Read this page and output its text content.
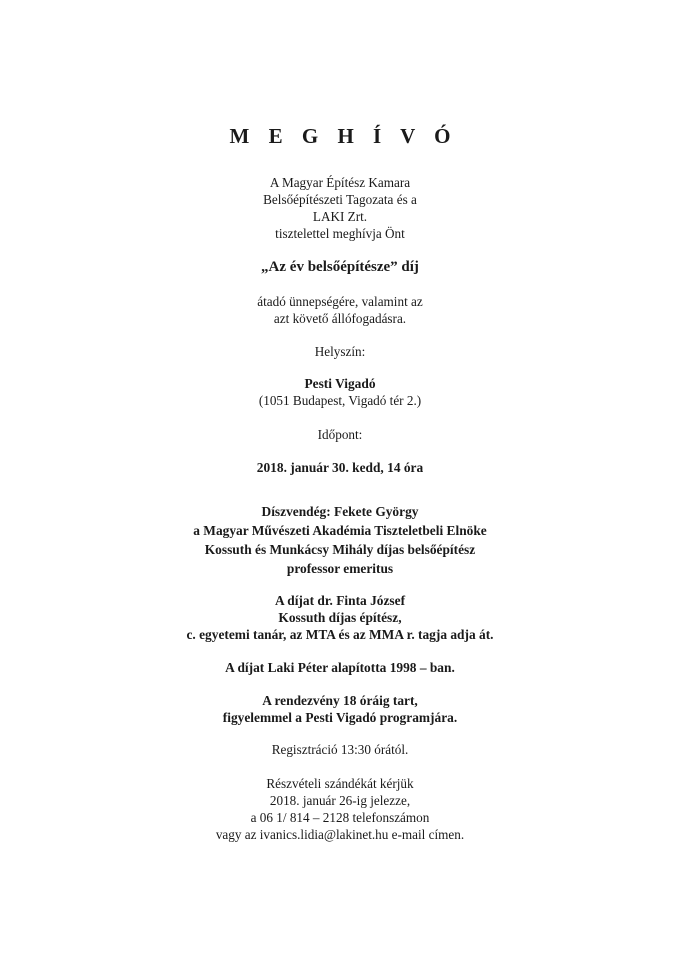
M E G H Í V Ó
A Magyar Építész Kamara
Belsőépítészeti Tagozata és a
LAKI Zrt.
tisztelettel meghívja Önt
„Az év belsőépítésze” díj
átadó ünnepségére, valamint az
azt követő állófogadásra.
Helyszín:
Pesti Vigadó
(1051 Budapest, Vigadó tér 2.)
Időpont:
2018. január 30. kedd, 14 óra
Díszvendég: Fekete György
a Magyar Művészeti Akadémia Tiszteletbeli Elnöke
Kossuth és Munkácsy Mihály díjas belsőépítész
professor emeritus
A díjat dr. Finta József
Kossuth díjas építész,
c. egyetemi tanár, az MTA és az MMA r. tagja adja át.
A díjat Laki Péter alapította 1998 – ban.
A rendezvény 18 óráig tart,
figyelemmel a Pesti Vigadó programjára.
Regisztráció 13:30 órától.
Részvételi szándékát kérjük
2018. január 26-ig jelezze,
a 06 1/ 814 – 2128 telefonszámon
vagy az ivanics.lidia@lakinet.hu e-mail címen.
